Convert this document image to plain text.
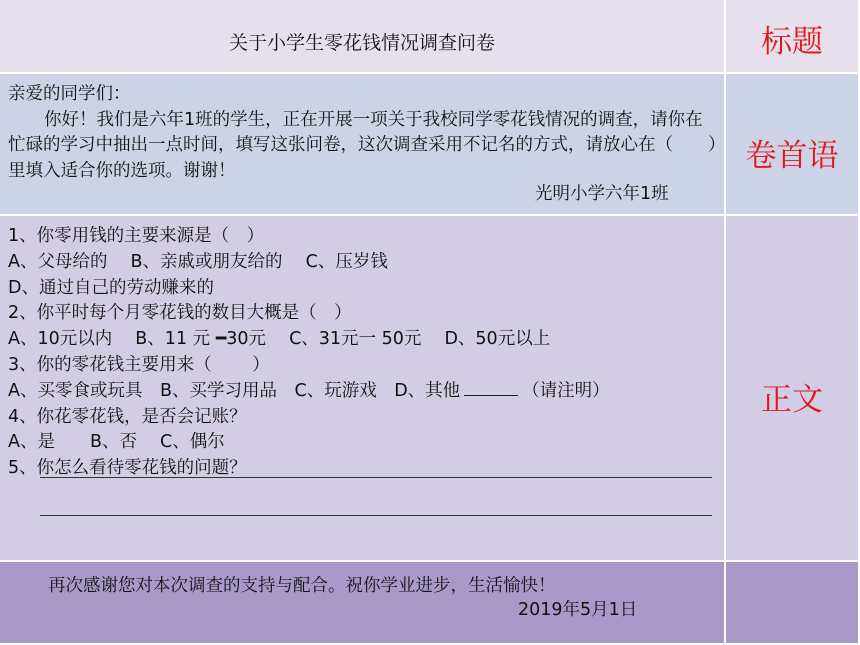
关于小学生零花钱情况调查问卷	标题

亲爱的同学们：

你好！我们是六年1班的学生，正在开展一项关于我校同学零花钱情况的调查，请你在忙碌的学习中抽出一点时间，填写这张问卷，这次调查采用不记名的方式，请放心在（　　）里填入适合你的选项。谢谢！

光明小学六年1班
卷首语
1、你零用钱的主要来源是（　）
A、父母给的　 B、亲戚或朋友给的　 C、压岁钱
D、通过自己的劳动赚来的
2、你平时每个月零花钱的数目大概是（　）
A、10元以内　 B、11 元 ━30元　 C、31元一 50元　 D、50元以上
3、你的零花钱主要用来（　　 ）
A、买零食或玩具　B、买学习用品　C、玩游戏　D、其他	（请注明）
4、你花零花钱，是否会记账？
A、是　　B、否　 C、偶尔
5、你怎么看待零花钱的问题？
正文
再次感谢您对本次调查的支持与配合。祝你学业进步，生活愉快！
2019年5月1日
